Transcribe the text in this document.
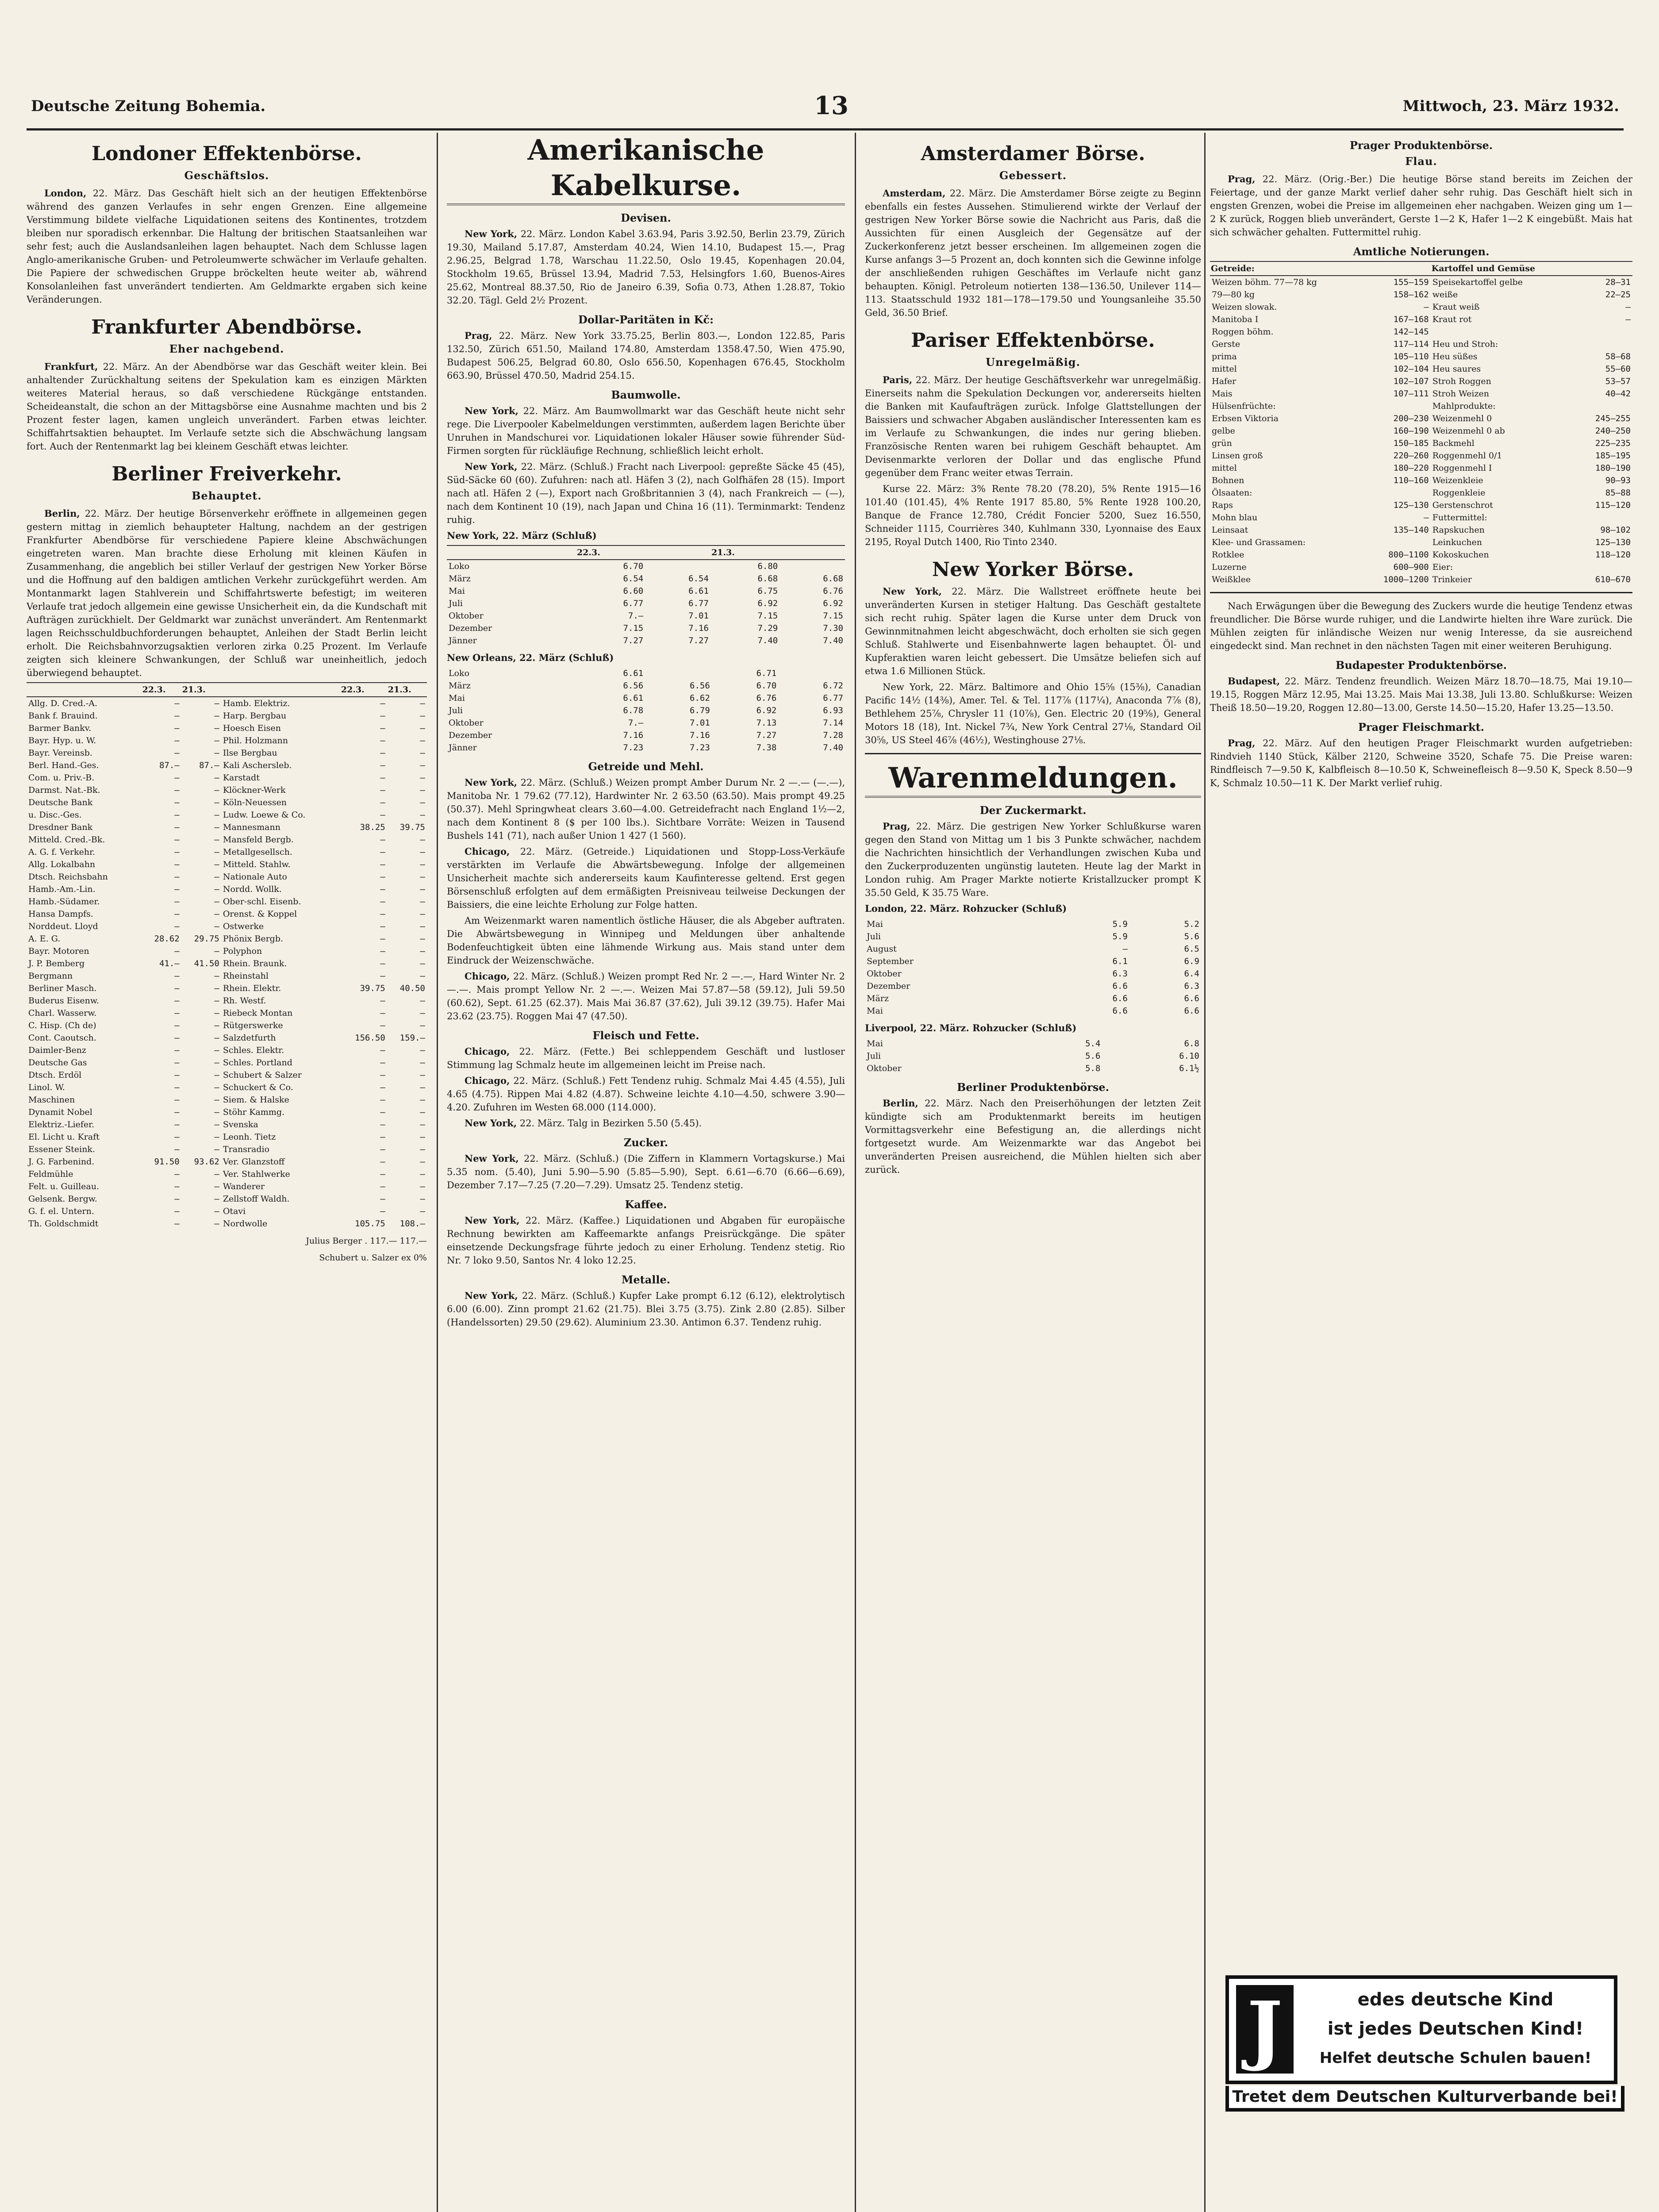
Deutsche Zeitung Bohemia.	13	Mittwoch, 23. März 1932.
Londoner Effektenbörse.
Geschäftslos.

London, 22. März. Das Geschäft hielt sich an der heutigen Effektenbörse während des ganzen Verlaufes in sehr engen Grenzen. Eine allgemeine Verstimmung bildete vielfache Liquidationen seitens des Kontinentes, trotzdem bleiben nur sporadisch erkennbar. Die Haltung der britischen Staatsanleihen war sehr fest; auch die Auslandsanleihen lagen behauptet. Nach dem Schlusse lagen Anglo-amerikanische Gruben- und Petroleumwerte schwächer im Verlaufe gehalten. Die Papiere der schwedischen Gruppe bröckelten heute weiter ab, während Konsolanleihen fast unverändert tendierten. Am Geldmarkte ergaben sich keine Veränderungen.

Frankfurter Abendbörse.
Eher nachgebend.

Frankfurt, 22. März. An der Abendbörse war das Geschäft weiter klein. Bei anhaltender Zurückhaltung seitens der Spekulation kam es einzigen Märkten weiteres Material heraus, so daß verschiedene Rückgänge entstanden. Scheideanstalt, die schon an der Mittagsbörse eine Ausnahme machten und bis 2 Prozent fester lagen, kamen ungleich unverändert. Farben etwas leichter. Schiffahrtsaktien behauptet. Im Verlaufe setzte sich die Abschwächung langsam fort. Auch der Rentenmarkt lag bei kleinem Geschäft etwas leichter.

Berliner Freiverkehr.
Behauptet.

Berlin, 22. März. Der heutige Börsenverkehr eröffnete in allgemeinen gegen gestern mittag in ziemlich behaupteter Haltung, nachdem an der gestrigen Frankfurter Abendbörse für verschiedene Papiere kleine Abschwächungen eingetreten waren. Man brachte diese Erholung mit kleinen Käufen in Zusammenhang, die angeblich bei stiller Verlauf der gestrigen New Yorker Börse und die Hoffnung auf den baldigen amtlichen Verkehr zurückgeführt werden. Am Montanmarkt lagen Stahlverein und Schiffahrtswerte befestigt; im weiteren Verlaufe trat jedoch allgemein eine gewisse Unsicherheit ein, da die Kundschaft mit Aufträgen zurückhielt. Der Geldmarkt war zunächst unverändert. Am Rentenmarkt lagen Reichsschuldbuchforderungen behauptet, Anleihen der Stadt Berlin leicht erholt. Die Reichsbahnvorzugsaktien verloren zirka 0.25 Prozent. Im Verlaufe zeigten sich kleinere Schwankungen, der Schluß war uneinheitlich, jedoch überwiegend behauptet.

	22.3.	21.3.		22.3.	21.3.
Allg. D. Cred.-A.	—	—	Hamb. Elektriz.	—	—
Bank f. Brauind.	—	—	Harp. Bergbau	—	—
Barmer Bankv.	—	—	Hoesch Eisen	—	—
Bayr. Hyp. u. W.	—	—	Phil. Holzmann	—	—
Bayr. Vereinsb.	—	—	Ilse Bergbau	—	—
Berl. Hand.-Ges.	87.—	87.—	Kali Aschersleb.	—	—
Com. u. Priv.-B.	—	—	Karstadt	—	—
Darmst. Nat.-Bk.	—	—	Klöckner-Werk	—	—
Deutsche Bank	—	—	Köln-Neuessen	—	—
u. Disc.-Ges.	—	—	Ludw. Loewe & Co.	—	—
Dresdner Bank	—	—	Mannesmann	38.25	39.75
Mitteld. Cred.-Bk.	—	—	Mansfeld Bergb.	—	—
A. G. f. Verkehr.	—	—	Metallgesellsch.	—	—
Allg. Lokalbahn	—	—	Mitteld. Stahlw.	—	—
Dtsch. Reichsbahn	—	—	Nationale Auto	—	—
Hamb.-Am.-Lin.	—	—	Nordd. Wollk.	—	—
Hamb.-Südamer.	—	—	Ober-schl. Eisenb.	—	—
Hansa Dampfs.	—	—	Orenst. & Koppel	—	—
Norddeut. Lloyd	—	—	Ostwerke	—	—
A. E. G.	28.62	29.75	Phönix Bergb.	—	—
Bayr. Motoren	—	—	Polyphon	—	—
J. P. Bemberg	41.—	41.50	Rhein. Braunk.	—	—
Bergmann	—	—	Rheinstahl	—	—
Berliner Masch.	—	—	Rhein. Elektr.	39.75	40.50
Buderus Eisenw.	—	—	Rh. Westf.	—	—
Charl. Wasserw.	—	—	Riebeck Montan	—	—
C. Hisp. (Ch de)	—	—	Rütgerswerke	—	—
Cont. Caoutsch.	—	—	Salzdetfurth	156.50	159.—
Daimler-Benz	—	—	Schles. Elektr.	—	—
Deutsche Gas	—	—	Schles. Portland	—	—
Dtsch. Erdöl	—	—	Schubert & Salzer	—	—
Linol. W.	—	—	Schuckert & Co.	—	—
Maschinen	—	—	Siem. & Halske	—	—
Dynamit Nobel	—	—	Stöhr Kammg.	—	—
Elektriz.-Liefer.	—	—	Svenska	—	—
El. Licht u. Kraft	—	—	Leonh. Tietz	—	—
Essener Steink.	—	—	Transradio	—	—
J. G. Farbenind.	91.50	93.62	Ver. Glanzstoff	—	—
Feldmühle	—	—	Ver. Stahlwerke	—	—
Felt. u. Guilleau.	—	—	Wanderer	—	—
Gelsenk. Bergw.	—	—	Zellstoff Waldh.	—	—
G. f. el. Untern.	—	—	Otavi	—	—
Th. Goldschmidt	—	—	Nordwolle	105.75	108.—
Julius Berger . 117.— 117.—
Schubert u. Salzer ex 0%
Amerikanische Kabelkurse.
Devisen.

New York, 22. März. London Kabel 3.63.94, Paris 3.92.50, Berlin 23.79, Zürich 19.30, Mailand 5.17.87, Amsterdam 40.24, Wien 14.10, Budapest 15.—, Prag 2.96.25, Belgrad 1.78, Warschau 11.22.50, Oslo 19.45, Kopenhagen 20.04, Stockholm 19.65, Brüssel 13.94, Madrid 7.53, Helsingfors 1.60, Buenos-Aires 25.62, Montreal 88.37.50, Rio de Janeiro 6.39, Sofia 0.73, Athen 1.28.87, Tokio 32.20. Tägl. Geld 2½ Prozent.

Dollar-Paritäten in Kč:

Prag, 22. März. New York 33.75.25, Berlin 803.—, London 122.85, Paris 132.50, Zürich 651.50, Mailand 174.80, Amsterdam 1358.47.50, Wien 475.90, Budapest 506.25, Belgrad 60.80, Oslo 656.50, Kopenhagen 676.45, Stockholm 663.90, Brüssel 470.50, Madrid 254.15.

Baumwolle.

New York, 22. März. Am Baumwollmarkt war das Geschäft heute nicht sehr rege. Die Liverpooler Kabelmeldungen verstimmten, außerdem lagen Berichte über Unruhen in Mandschurei vor. Liquidationen lokaler Häuser sowie führender Süd-Firmen sorgten für rückläufige Rechnung, schließlich leicht erholt.

New York, 22. März. (Schluß.) Fracht nach Liverpool: gepreßte Säcke 45 (45), Süd-Säcke 60 (60). Zufuhren: nach atl. Häfen 3 (2), nach Golfhäfen 28 (15). Import nach atl. Häfen 2 (—), Export nach Großbritannien 3 (4), nach Frankreich — (—), nach dem Kontinent 10 (19), nach Japan und China 16 (11). Terminmarkt: Tendenz ruhig.

New York, 22. März (Schluß)
	22.3.		21.3.	
Loko	6.70		6.80	
März	6.54	6.54	6.68	6.68
Mai	6.60	6.61	6.75	6.76
Juli	6.77	6.77	6.92	6.92
Oktober	7.—	7.01	7.15	7.15
Dezember	7.15	7.16	7.29	7.30
Jänner	7.27	7.27	7.40	7.40
New Orleans, 22. März (Schluß)
Loko	6.61		6.71	
März	6.56	6.56	6.70	6.72
Mai	6.61	6.62	6.76	6.77
Juli	6.78	6.79	6.92	6.93
Oktober	7.—	7.01	7.13	7.14
Dezember	7.16	7.16	7.27	7.28
Jänner	7.23	7.23	7.38	7.40
Getreide und Mehl.

New York, 22. März. (Schluß.) Weizen prompt Amber Durum Nr. 2 —.— (—.—), Manitoba Nr. 1 79.62 (77.12), Hardwinter Nr. 2 63.50 (63.50). Mais prompt 49.25 (50.37). Mehl Springwheat clears 3.60—4.00. Getreidefracht nach England 1½—2, nach dem Kontinent 8 ($ per 100 lbs.). Sichtbare Vorräte: Weizen in Tausend Bushels 141 (71), nach außer Union 1 427 (1 560).

Chicago, 22. März. (Getreide.) Liquidationen und Stopp-Loss-Verkäufe verstärkten im Verlaufe die Abwärtsbewegung. Infolge der allgemeinen Unsicherheit machte sich andererseits kaum Kaufinteresse geltend. Erst gegen Börsenschluß erfolgten auf dem ermäßigten Preisniveau teilweise Deckungen der Baissiers, die eine leichte Erholung zur Folge hatten.

Am Weizenmarkt waren namentlich östliche Häuser, die als Abgeber auftraten. Die Abwärtsbewegung in Winnipeg und Meldungen über anhaltende Bodenfeuchtigkeit übten eine lähmende Wirkung aus. Mais stand unter dem Eindruck der Weizenschwäche.

Chicago, 22. März. (Schluß.) Weizen prompt Red Nr. 2 —.—, Hard Winter Nr. 2 —.—. Mais prompt Yellow Nr. 2 —.—. Weizen Mai 57.87—58 (59.12), Juli 59.50 (60.62), Sept. 61.25 (62.37). Mais Mai 36.87 (37.62), Juli 39.12 (39.75). Hafer Mai 23.62 (23.75). Roggen Mai 47 (47.50).

Fleisch und Fette.

Chicago, 22. März. (Fette.) Bei schleppendem Geschäft und lustloser Stimmung lag Schmalz heute im allgemeinen leicht im Preise nach.

Chicago, 22. März. (Schluß.) Fett Tendenz ruhig. Schmalz Mai 4.45 (4.55), Juli 4.65 (4.75). Rippen Mai 4.82 (4.87). Schweine leichte 4.10—4.50, schwere 3.90—4.20. Zufuhren im Westen 68.000 (114.000).

New York, 22. März. Talg in Bezirken 5.50 (5.45).

Zucker.

New York, 22. März. (Schluß.) (Die Ziffern in Klammern Vortagskurse.) Mai 5.35 nom. (5.40), Juni 5.90—5.90 (5.85—5.90), Sept. 6.61—6.70 (6.66—6.69), Dezember 7.17—7.25 (7.20—7.29). Umsatz 25. Tendenz stetig.

Kaffee.

New York, 22. März. (Kaffee.) Liquidationen und Abgaben für europäische Rechnung bewirkten am Kaffeemarkte anfangs Preisrückgänge. Die später einsetzende Deckungsfrage führte jedoch zu einer Erholung. Tendenz stetig. Rio Nr. 7 loko 9.50, Santos Nr. 4 loko 12.25.

Metalle.

New York, 22. März. (Schluß.) Kupfer Lake prompt 6.12 (6.12), elektrolytisch 6.00 (6.00). Zinn prompt 21.62 (21.75). Blei 3.75 (3.75). Zink 2.80 (2.85). Silber (Handelssorten) 29.50 (29.62). Aluminium 23.30. Antimon 6.37. Tendenz ruhig.

Amsterdamer Börse.
Gebessert.

Amsterdam, 22. März. Die Amsterdamer Börse zeigte zu Beginn ebenfalls ein festes Aussehen. Stimulierend wirkte der Verlauf der gestrigen New Yorker Börse sowie die Nachricht aus Paris, daß die Aussichten für einen Ausgleich der Gegensätze auf der Zuckerkonferenz jetzt besser erscheinen. Im allgemeinen zogen die Kurse anfangs 3—5 Prozent an, doch konnten sich die Gewinne infolge der anschließenden ruhigen Geschäftes im Verlaufe nicht ganz behaupten. Königl. Petroleum notierten 138—136.50, Unilever 114—113. Staatsschuld 1932 181—178—179.50 und Youngsanleihe 35.50 Geld, 36.50 Brief.

Pariser Effektenbörse.
Unregelmäßig.

Paris, 22. März. Der heutige Geschäftsverkehr war unregelmäßig. Einerseits nahm die Spekulation Deckungen vor, andererseits hielten die Banken mit Kaufaufträgen zurück. Infolge Glattstellungen der Baissiers und schwacher Abgaben ausländischer Interessenten kam es im Verlaufe zu Schwankungen, die indes nur gering blieben. Französische Renten waren bei ruhigem Geschäft behauptet. Am Devisenmarkte verloren der Dollar und das englische Pfund gegenüber dem Franc weiter etwas Terrain.

Kurse 22. März: 3% Rente 78.20 (78.20), 5% Rente 1915—16 101.40 (101.45), 4% Rente 1917 85.80, 5% Rente 1928 100.20, Banque de France 12.780, Crédit Foncier 5200, Suez 16.550, Schneider 1115, Courrières 340, Kuhlmann 330, Lyonnaise des Eaux 2195, Royal Dutch 1400, Rio Tinto 2340.

New Yorker Börse.

New York, 22. März. Die Wallstreet eröffnete heute bei unveränderten Kursen in stetiger Haltung. Das Geschäft gestaltete sich recht ruhig. Später lagen die Kurse unter dem Druck von Gewinnmitnahmen leicht abgeschwächt, doch erholten sie sich gegen Schluß. Stahlwerte und Eisenbahnwerte lagen behauptet. Öl- und Kupferaktien waren leicht gebessert. Die Umsätze beliefen sich auf etwa 1.6 Millionen Stück.

New York, 22. März. Baltimore and Ohio 15⅝ (15⅜), Canadian Pacific 14½ (14⅜), Amer. Tel. & Tel. 117⅞ (117¼), Anaconda 7⅞ (8), Bethlehem 25⅞, Chrysler 11 (10⅞), Gen. Electric 20 (19⅝), General Motors 18 (18), Int. Nickel 7¾, New York Central 27⅛, Standard Oil 30⅝, US Steel 46⅞ (46½), Westinghouse 27⅛.

Warenmeldungen.
Der Zuckermarkt.

Prag, 22. März. Die gestrigen New Yorker Schlußkurse waren gegen den Stand von Mittag um 1 bis 3 Punkte schwächer, nachdem die Nachrichten hinsichtlich der Verhandlungen zwischen Kuba und den Zuckerproduzenten ungünstig lauteten. Heute lag der Markt in London ruhig. Am Prager Markte notierte Kristallzucker prompt K 35.50 Geld, K 35.75 Ware.

London, 22. März. Rohzucker (Schluß)
Mai	5.9	5.2
Juli	5.9	5.6
August	—	6.5
September	6.1	6.9
Oktober	6.3	6.4
Dezember	6.6	6.3
März	6.6	6.6
Mai	6.6	6.6
Liverpool, 22. März. Rohzucker (Schluß)
Mai	5.4	6.8
Juli	5.6	6.10
Oktober	5.8	6.1½
Berliner Produktenbörse.

Berlin, 22. März. Nach den Preiserhöhungen der letzten Zeit kündigte sich am Produktenmarkt bereits im heutigen Vormittagsverkehr eine Befestigung an, die allerdings nicht fortgesetzt wurde. Am Weizenmarkte war das Angebot bei unveränderten Preisen ausreichend, die Mühlen hielten sich aber zurück.

Prager Produktenbörse.
Flau.

Prag, 22. März. (Orig.-Ber.) Die heutige Börse stand bereits im Zeichen der Feiertage, und der ganze Markt verlief daher sehr ruhig. Das Geschäft hielt sich in engsten Grenzen, wobei die Preise im allgemeinen eher nachgaben. Weizen ging um 1—2 K zurück, Roggen blieb unverändert, Gerste 1—2 K, Hafer 1—2 K eingebüßt. Mais hat sich schwächer gehalten. Futtermittel ruhig.

Amtliche Notierungen.
Getreide:		Kartoffel und Gemüse	
Weizen böhm. 77—78 kg	155—159	Speisekartoffel gelbe	28—31
79—80 kg	158—162	weiße	22—25
Weizen slowak.	—	Kraut weiß	—
Manitoba I	167—168	Kraut rot	—
Roggen böhm.	142—145		
Gerste	117—114	Heu und Stroh:	
prima	105—110	Heu süßes	58—68
mittel	102—104	Heu saures	55—60
Hafer	102—107	Stroh Roggen	53—57
Mais	107—111	Stroh Weizen	40—42
Hülsenfrüchte:		Mahlprodukte:	
Erbsen Viktoria	200—230	Weizenmehl 0	245—255
gelbe	160—190	Weizenmehl 0 ab	240—250
grün	150—185	Backmehl	225—235
Linsen groß	220—260	Roggenmehl 0/1	185—195
mittel	180—220	Roggenmehl I	180—190
Bohnen	110—160	Weizenkleie	90—93
Ölsaaten:		Roggenkleie	85—88
Raps	125—130	Gerstenschrot	115—120
Mohn blau	—	Futtermittel:	
Leinsaat	135—140	Rapskuchen	98—102
Klee- und Grassamen:		Leinkuchen	125—130
Rotklee	800—1100	Kokoskuchen	118—120
Luzerne	600—900	Eier:	
Weißklee	1000—1200	Trinkeier	610—670

Nach Erwägungen über die Bewegung des Zuckers wurde die heutige Tendenz etwas freundlicher. Die Börse wurde ruhiger, und die Landwirte hielten ihre Ware zurück. Die Mühlen zeigten für inländische Weizen nur wenig Interesse, da sie ausreichend eingedeckt sind. Man rechnet in den nächsten Tagen mit einer weiteren Beruhigung.

Budapester Produktenbörse.

Budapest, 22. März. Tendenz freundlich. Weizen März 18.70—18.75, Mai 19.10—19.15, Roggen März 12.95, Mai 13.25. Mais Mai 13.38, Juli 13.80. Schlußkurse: Weizen Theiß 18.50—19.20, Roggen 12.80—13.00, Gerste 14.50—15.20, Hafer 13.25—13.50.

Prager Fleischmarkt.

Prag, 22. März. Auf den heutigen Prager Fleischmarkt wurden aufgetrieben: Rindvieh 1140 Stück, Kälber 2120, Schweine 3520, Schafe 75. Die Preise waren: Rindfleisch 7—9.50 K, Kalbfleisch 8—10.50 K, Schweinefleisch 8—9.50 K, Speck 8.50—9 K, Schmalz 10.50—11 K. Der Markt verlief ruhig.

J	edes deutsche Kind
ist jedes Deutschen Kind!
Helfet deutsche Schulen bauen!
Tretet dem Deutschen Kulturverbande bei!
